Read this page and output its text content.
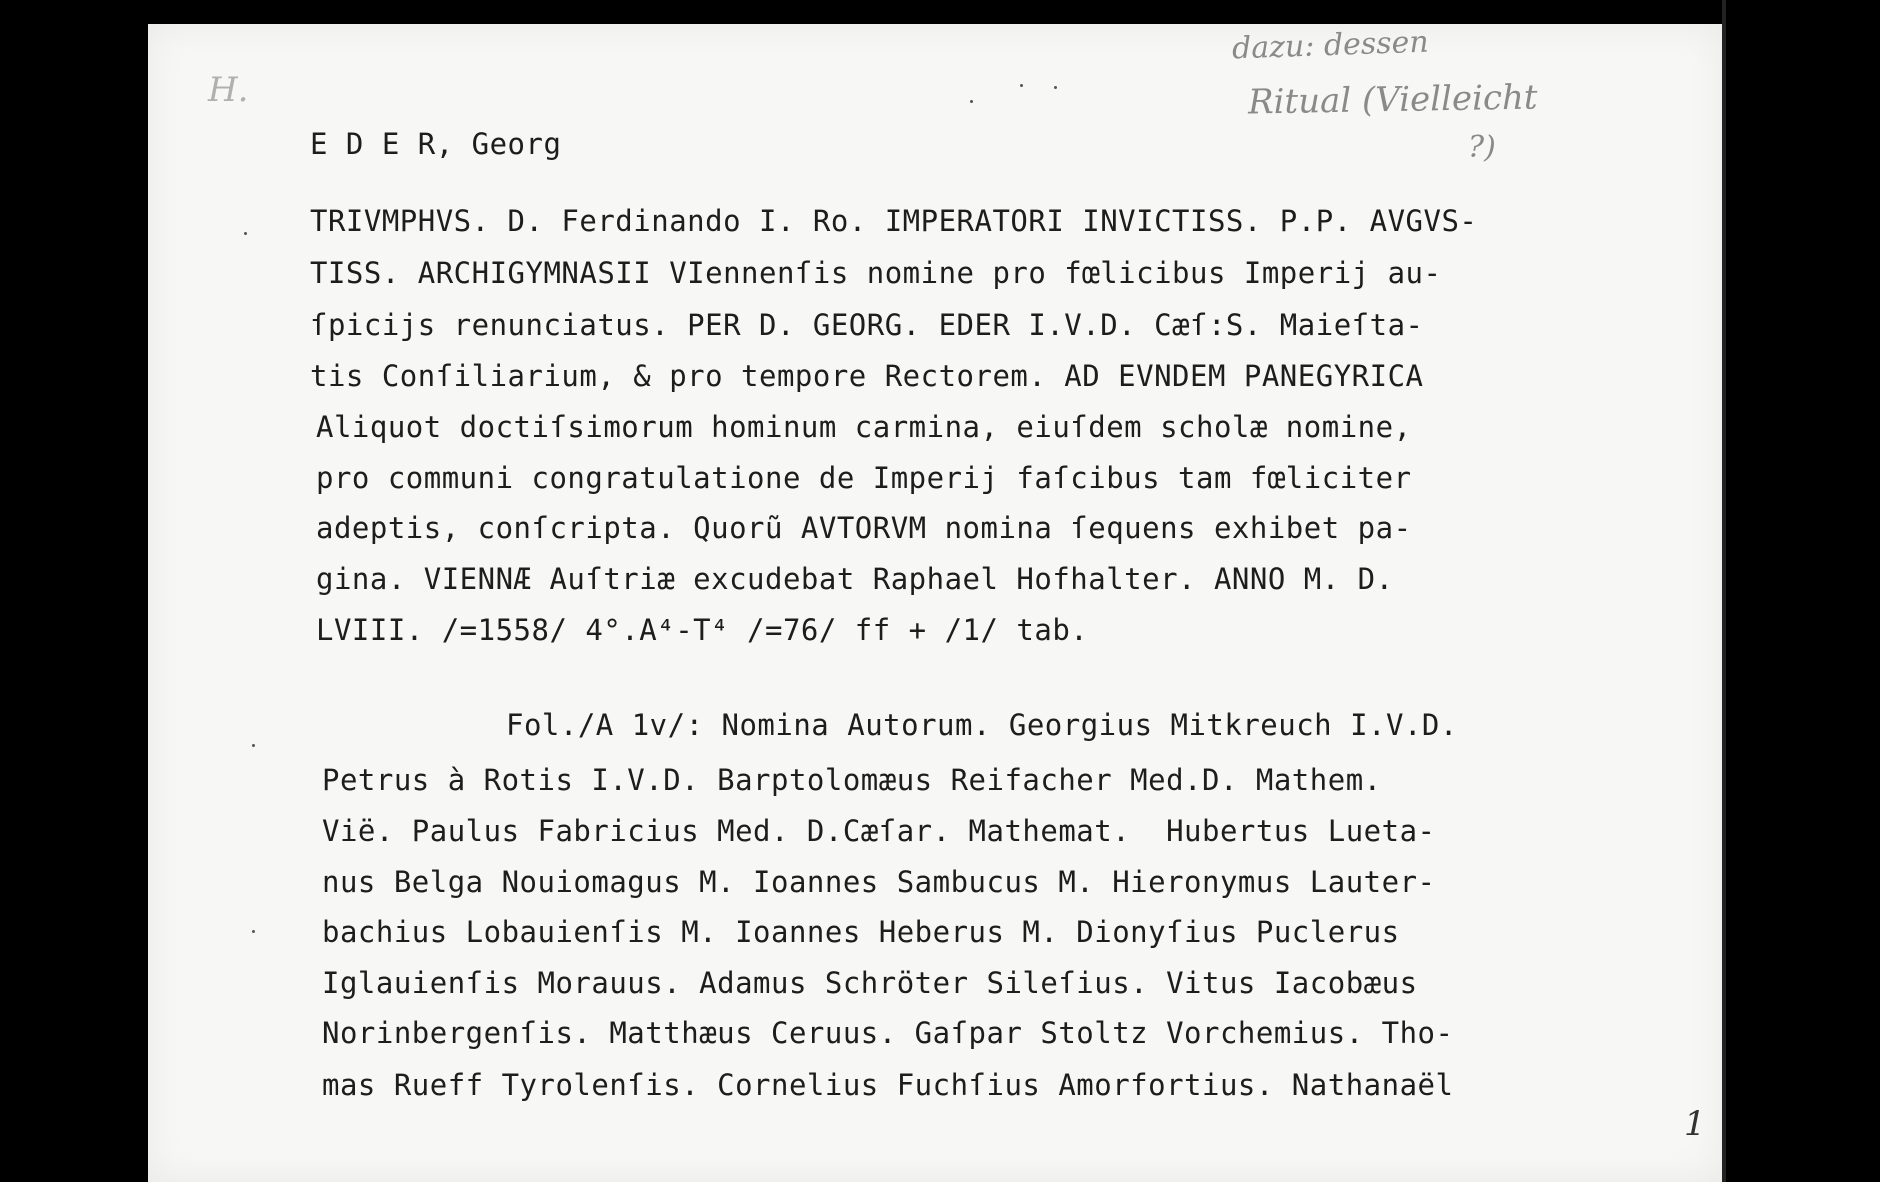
H.
dazu: dessen
Ritual (Vielleicht
?)
E D E R, Georg
TRIVMPHVS. D. Ferdinando I. Ro. IMPERATORI INVICTISS. P.P. AVGVS-
TISS. ARCHIGYMNASII VIennenſis nomine pro fœlicibus Imperij au-
ſpicijs renunciatus. PER D. GEORG. EDER I.V.D. Cæſ:S. Maieſta-
tis Conſiliarium, & pro tempore Rectorem. AD EVNDEM PANEGYRICA
Aliquot doctiſsimorum hominum carmina, eiuſdem scholæ nomine,
pro communi congratulatione de Imperij faſcibus tam fœliciter
adeptis, conſcripta. Quorũ AVTORVM nomina ſequens exhibet pa-
gina. VIENNÆ Auſtriæ excudebat Raphael Hofhalter. ANNO M. D.
LVIII. /=1558/ 4°.A⁴-T⁴ /=76/ ff + /1/ tab.
Fol./A 1v/: Nomina Autorum. Georgius Mitkreuch I.V.D.
Petrus à Rotis I.V.D. Barptolomæus Reifacher Med.D. Mathem.
Vië. Paulus Fabricius Med. D.Cæſar. Mathemat.  Hubertus Lueta-
nus Belga Nouiomagus M. Ioannes Sambucus M. Hieronymus Lauter-
bachius Lobauienſis M. Ioannes Heberus M. Dionyſius Puclerus
Iglauienſis Morauus. Adamus Schröter Sileſius. Vitus Iacobæus
Norinbergenſis. Matthæus Ceruus. Gaſpar Stoltz Vorchemius. Tho-
mas Rueff Tyrolenſis. Cornelius Fuchſius Amorfortius. Nathanaël
1
